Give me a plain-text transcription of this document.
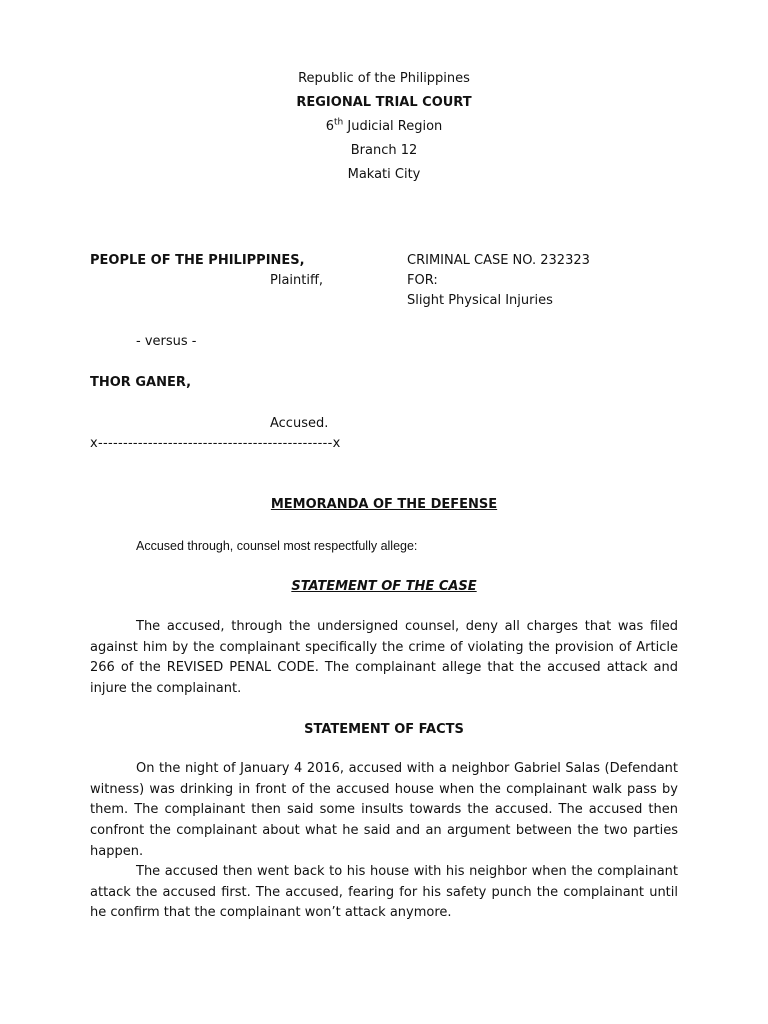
Republic of the Philippines
REGIONAL TRIAL COURT
6th Judicial Region
Branch 12
Makati City
PEOPLE OF THE PHILIPPINES,
Plaintiff,
CRIMINAL CASE NO. 232323
FOR:
Slight Physical Injuries
- versus -
THOR GANER,
Accused.
x-----------------------------------------------x
MEMORANDA OF THE DEFENSE
Accused through, counsel most respectfully allege:
STATEMENT OF THE CASE

The accused, through the undersigned counsel, deny all charges that was filed against him by the complainant specifically the crime of violating the provision of Article 266 of the REVISED PENAL CODE. The complainant allege that the accused attack and injure the complainant.

STATEMENT OF FACTS

On the night of January 4 2016, accused with a neighbor Gabriel Salas (Defendant witness) was drinking in front of the accused house when the complainant walk pass by them. The complainant then said some insults towards the accused. The accused then confront the complainant about what he said and an argument between the two parties happen.

The accused then went back to his house with his neighbor when the complainant attack the accused first. The accused, fearing for his safety punch the complainant until he confirm that the complainant won’t attack anymore.
